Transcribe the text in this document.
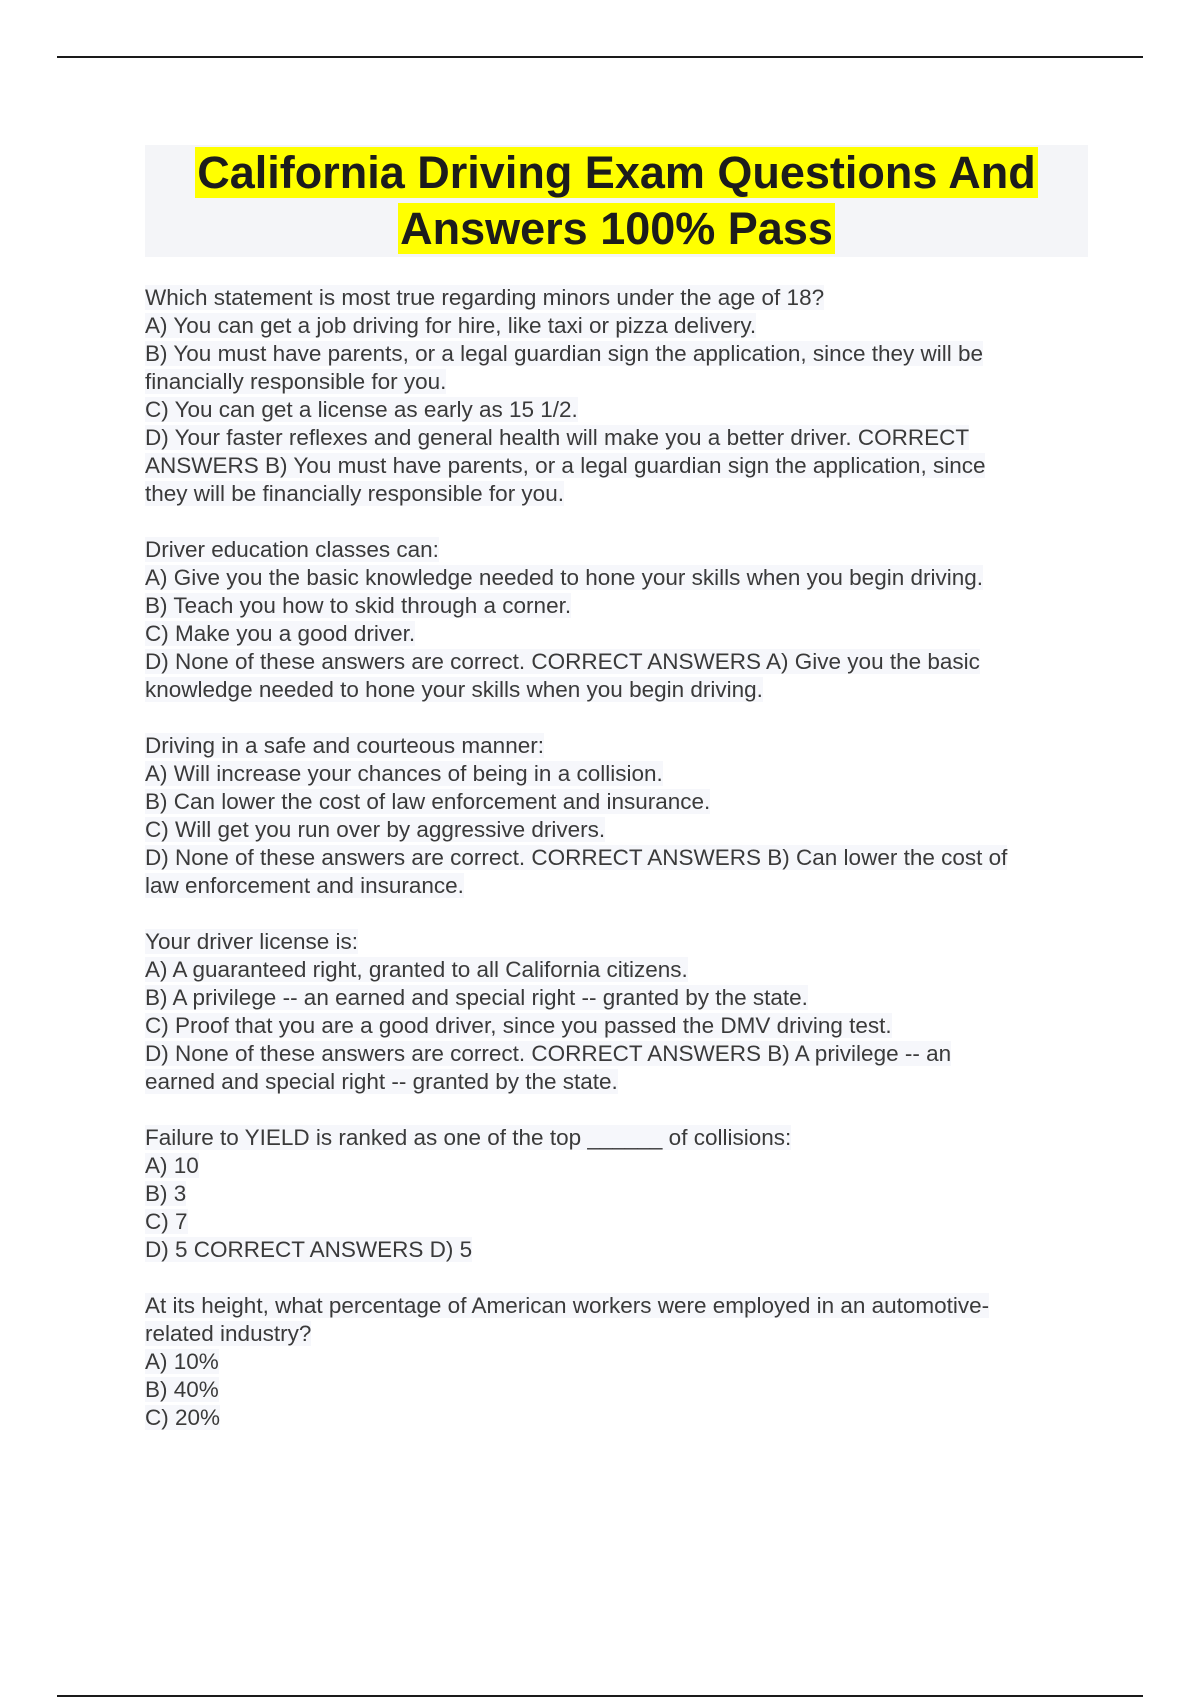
California Driving Exam Questions And Answers 100% Pass
Which statement is most true regarding minors under the age of 18?
A) You can get a job driving for hire, like taxi or pizza delivery.
B) You must have parents, or a legal guardian sign the application, since they will be
financially responsible for you.
C) You can get a license as early as 15 1/2.
D) Your faster reflexes and general health will make you a better driver. CORRECT
ANSWERS B) You must have parents, or a legal guardian sign the application, since
they will be financially responsible for you.
Driver education classes can:
A) Give you the basic knowledge needed to hone your skills when you begin driving.
B) Teach you how to skid through a corner.
C) Make you a good driver.
D) None of these answers are correct. CORRECT ANSWERS A) Give you the basic
knowledge needed to hone your skills when you begin driving.
Driving in a safe and courteous manner:
A) Will increase your chances of being in a collision.
B) Can lower the cost of law enforcement and insurance.
C) Will get you run over by aggressive drivers.
D) None of these answers are correct. CORRECT ANSWERS B) Can lower the cost of
law enforcement and insurance.
Your driver license is:
A) A guaranteed right, granted to all California citizens.
B) A privilege -- an earned and special right -- granted by the state.
C) Proof that you are a good driver, since you passed the DMV driving test.
D) None of these answers are correct. CORRECT ANSWERS B) A privilege -- an
earned and special right -- granted by the state.
Failure to YIELD is ranked as one of the top ______ of collisions:
A) 10
B) 3
C) 7
D) 5 CORRECT ANSWERS D) 5
At its height, what percentage of American workers were employed in an automotive-
related industry?
A) 10%
B) 40%
C) 20%
